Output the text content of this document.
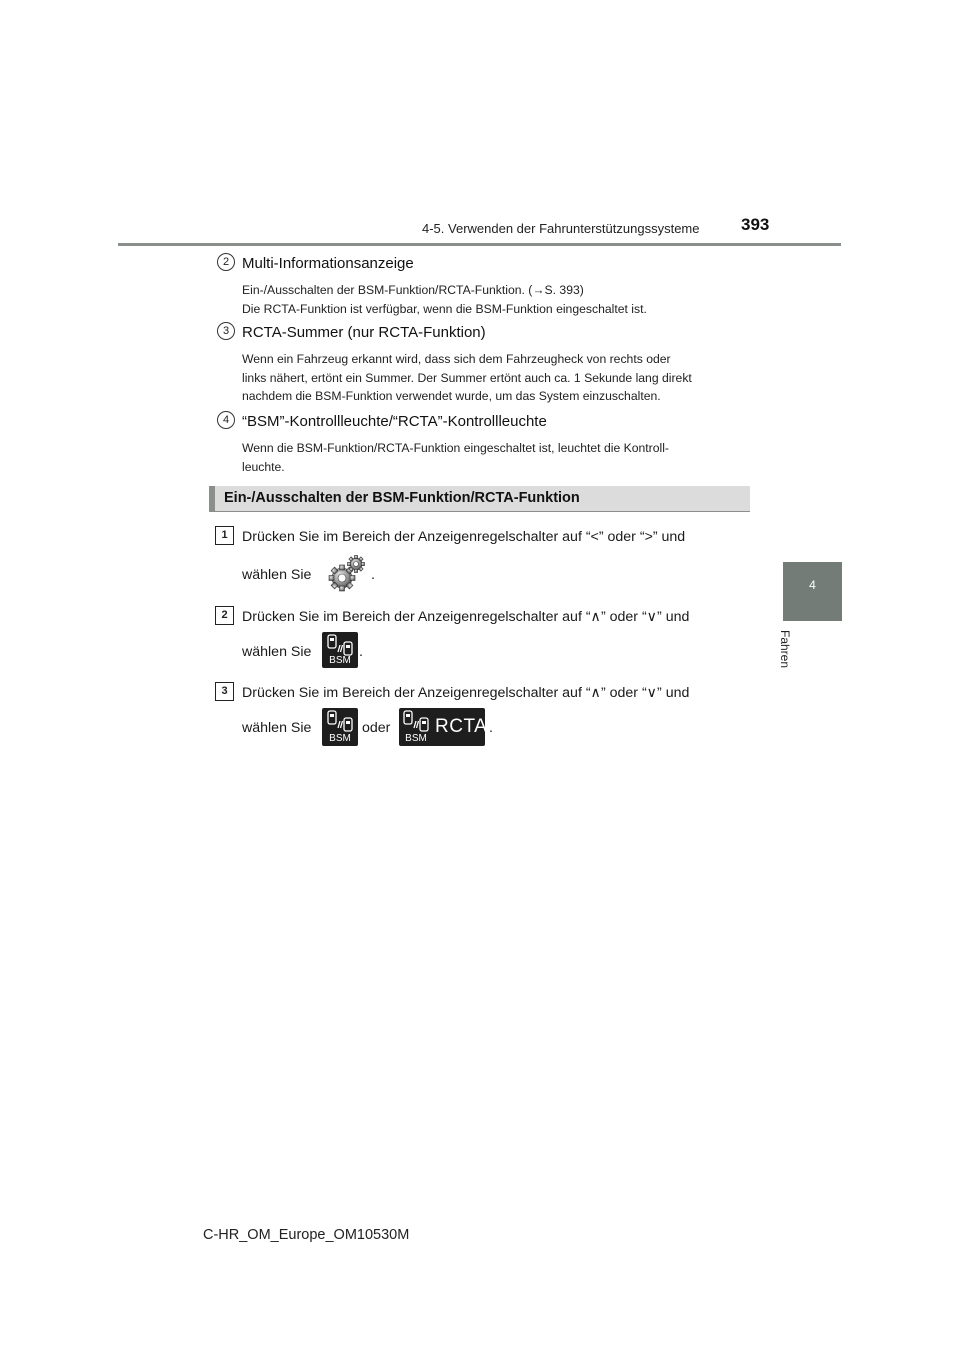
4-5. Verwenden der Fahrunterstützungssysteme 393
4
Fahren
2 Multi-Informationsanzeige
Ein-/Ausschalten der BSM-Funktion/RCTA-Funktion. (→S. 393)
Die RCTA-Funktion ist verfügbar, wenn die BSM-Funktion eingeschaltet ist.
3 RCTA-Summer (nur RCTA-Funktion)
Wenn ein Fahrzeug erkannt wird, dass sich dem Fahrzeugheck von rechts oder
links nähert, ertönt ein Summer. Der Summer ertönt auch ca. 1 Sekunde lang direkt
nachdem die BSM-Funktion verwendet wurde, um das System einzuschalten.
4 “BSM”-Kontrollleuchte/“RCTA”-Kontrollleuchte
Wenn die BSM-Funktion/RCTA-Funktion eingeschaltet ist, leuchtet die Kontroll-
leuchte.
Ein-/Ausschalten der BSM-Funktion/RCTA-Funktion
1	Drücken Sie im Bereich der Anzeigenregelschalter auf “<” oder “>” und
wählen Sie	.
2	Drücken Sie im Bereich der Anzeigenregelschalter auf “∧” oder “∨” und
wählen Sie
BSM
.
3	Drücken Sie im Bereich der Anzeigenregelschalter auf “∧” oder “∨” und
wählen Sie
BSM
oder
BSM
RCTA .
C-HR_OM_Europe_OM10530M
